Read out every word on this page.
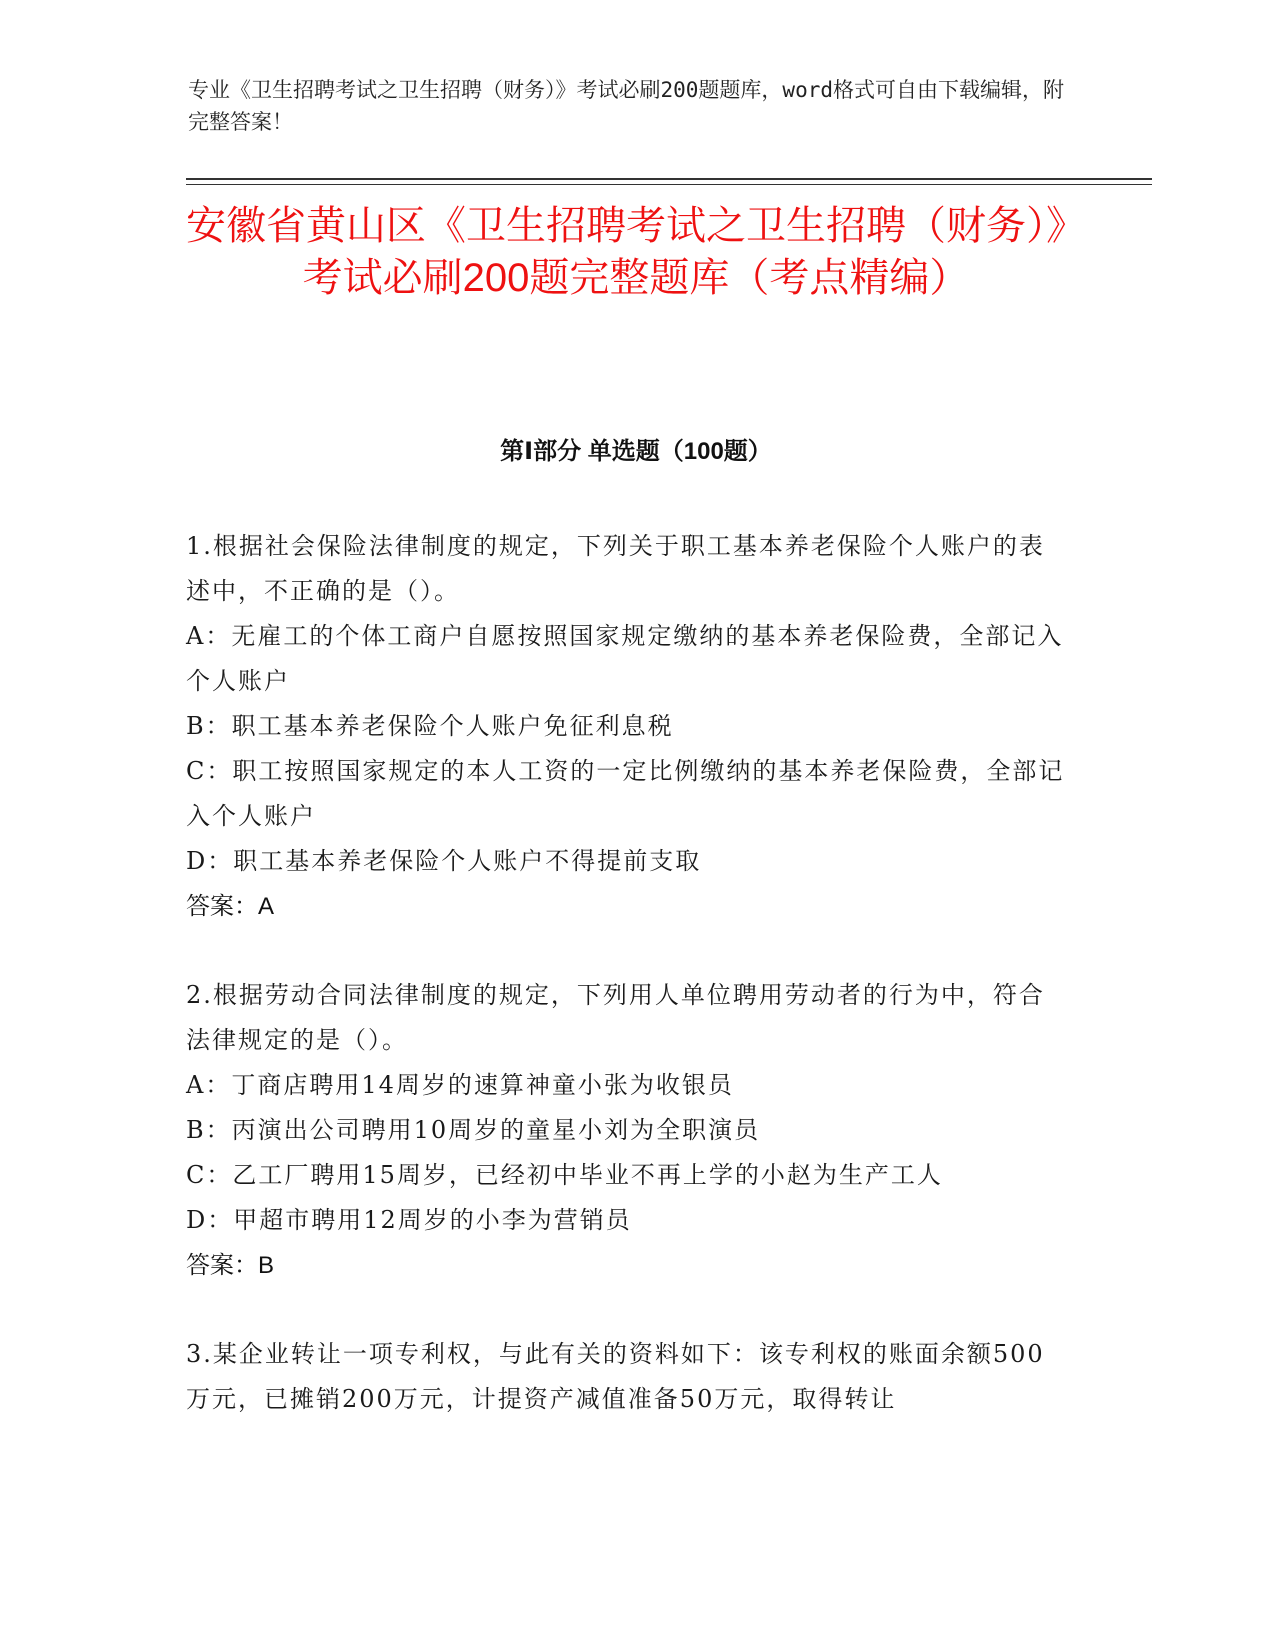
专业《卫生招聘考试之卫生招聘（财务）》考试必刷200题题库，word格式可自由下载编辑，附完整答案！
安徽省黄山区《卫生招聘考试之卫生招聘（财务）》考试必刷200题完整题库（考点精编）
第Ⅰ部分 单选题（100题）

1.根据社会保险法律制度的规定，下列关于职工基本养老保险个人账户的表述中，不正确的是（）。

A：无雇工的个体工商户自愿按照国家规定缴纳的基本养老保险费，全部记入个人账户

B：职工基本养老保险个人账户免征利息税

C：职工按照国家规定的本人工资的一定比例缴纳的基本养老保险费，全部记入个人账户

D：职工基本养老保险个人账户不得提前支取

答案：A

2.根据劳动合同法律制度的规定，下列用人单位聘用劳动者的行为中，符合法律规定的是（）。

A：丁商店聘用14周岁的速算神童小张为收银员

B：丙演出公司聘用10周岁的童星小刘为全职演员

C：乙工厂聘用15周岁，已经初中毕业不再上学的小赵为生产工人

D：甲超市聘用12周岁的小李为营销员

答案：B

3.某企业转让一项专利权，与此有关的资料如下：该专利权的账面余额500万元，已摊销200万元，计提资产减值准备50万元，取得转让
